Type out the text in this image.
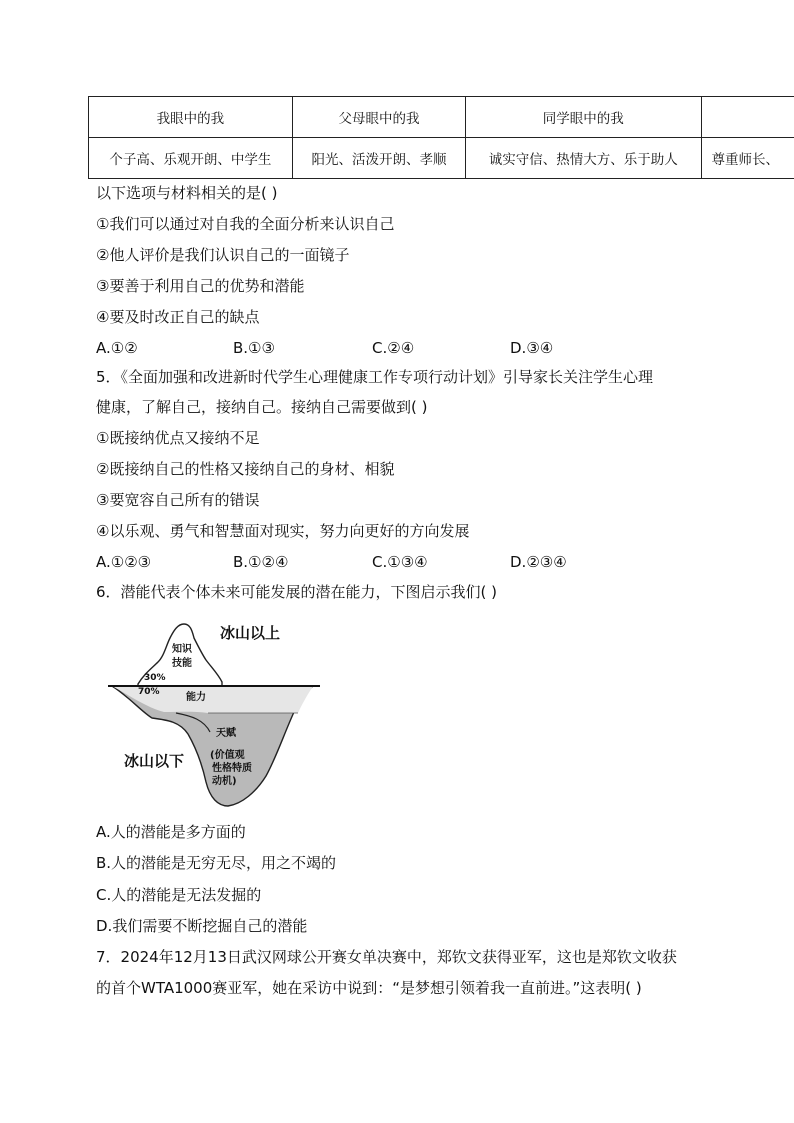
我眼中的我	父母眼中的我	同学眼中的我	
个子高、乐观开朗、中学生	阳光、活泼开朗、孝顺	诚实守信、热情大方、乐于助人	尊重师长、
以下选项与材料相关的是( )
①我们可以通过对自我的全面分析来认识自己
②他人评价是我们认识自己的一面镜子
③要善于利用自己的优势和潜能
④要及时改正自己的缺点
A.①②	B.①③	C.②④	D.③④
5．《全面加强和改进新时代学生心理健康工作专项行动计划》引导家长关注学生心理
健康，了解自己，接纳自己。接纳自己需要做到( )
①既接纳优点又接纳不足
②既接纳自己的性格又接纳自己的身材、相貌
③要宽容自己所有的错误
④以乐观、勇气和智慧面对现实，努力向更好的方向发展
A.①②③	B.①②④	C.①③④	D.②③④
6．潜能代表个体未来可能发展的潜在能力，下图启示我们( )
冰山以上
冰山以下
知识
技能
30%
70%	能力
天赋
(价值观
性格特质
动机)
A.人的潜能是多方面的
B.人的潜能是无穷无尽，用之不竭的
C.人的潜能是无法发掘的
D.我们需要不断挖掘自己的潜能
7．2024年12月13日武汉网球公开赛女单决赛中，郑钦文获得亚军，这也是郑钦文收获
的首个WTA1000赛亚军，她在采访中说到：“是梦想引领着我一直前进。”这表明( )
